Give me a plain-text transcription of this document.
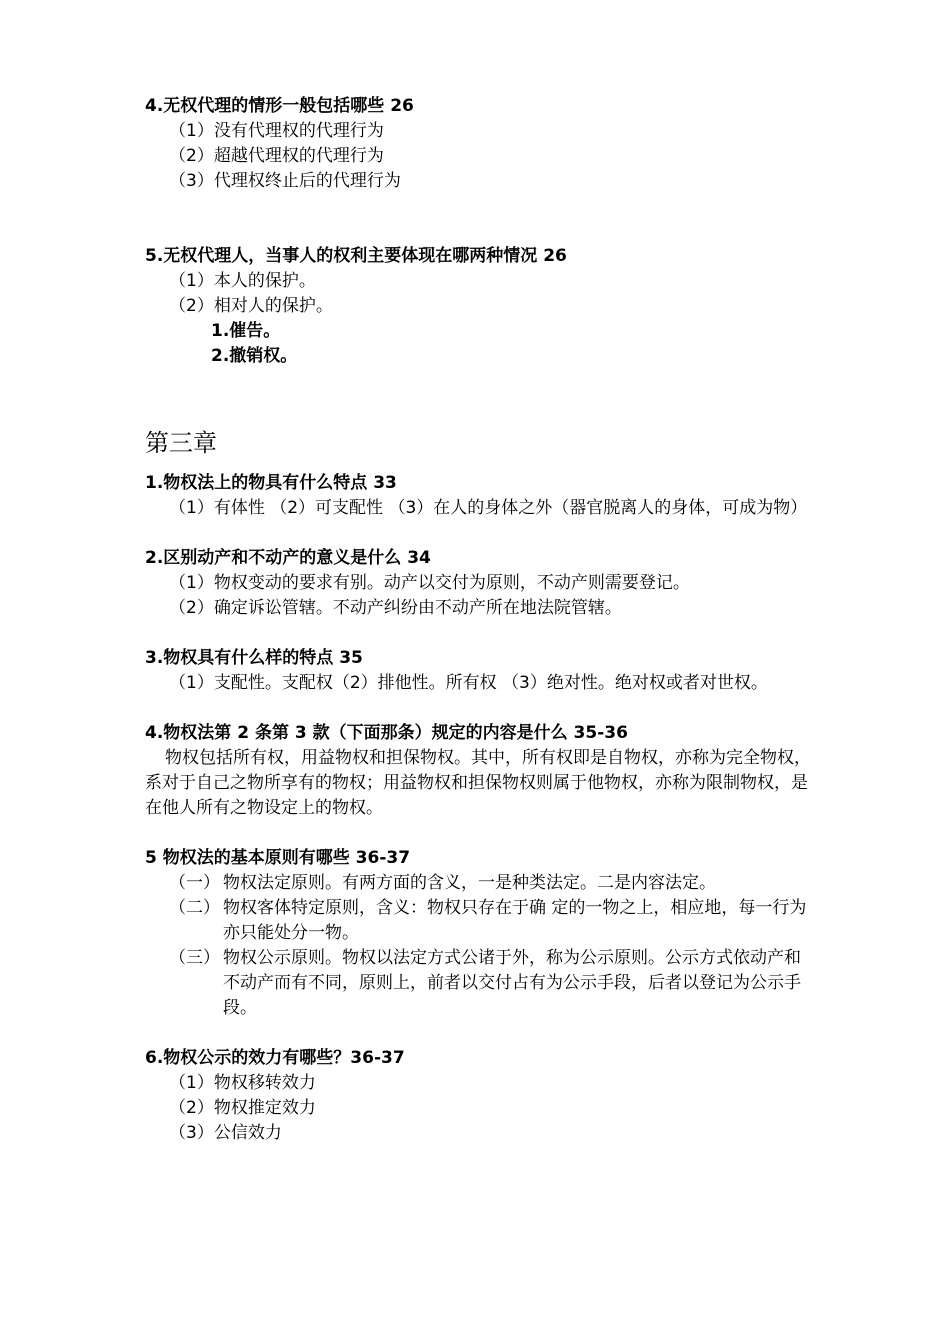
4.无权代理的情形一般包括哪些 26
（1）没有代理权的代理行为
（2）超越代理权的代理行为
（3）代理权终止后的代理行为
5.无权代理人，当事人的权利主要体现在哪两种情况 26
（1）本人的保护。
（2）相对人的保护。
1.催告。
2.撤销权。
第三章
1.物权法上的物具有什么特点 33
（1）有体性 （2）可支配性 （3）在人的身体之外（器官脱离人的身体，可成为物）
2.区别动产和不动产的意义是什么 34
（1）物权变动的要求有别。动产以交付为原则，不动产则需要登记。
（2）确定诉讼管辖。不动产纠纷由不动产所在地法院管辖。
3.物权具有什么样的特点 35
（1）支配性。支配权（2）排他性。所有权 （3）绝对性。绝对权或者对世权。
4.物权法第 2 条第 3 款（下面那条）规定的内容是什么 35-36
物权包括所有权，用益物权和担保物权。其中，所有权即是自物权，亦称为完全物权，系对于自己之物所享有的物权；用益物权和担保物权则属于他物权，亦称为限制物权，是在他人所有之物设定上的物权。
5 物权法的基本原则有哪些 36-37
（一） 物权法定原则。有两方面的含义，一是种类法定。二是内容法定。
（二） 物权客体特定原则，含义：物权只存在于确 定的一物之上，相应地，每一行为亦只能处分一物。
（三） 物权公示原则。物权以法定方式公诸于外，称为公示原则。公示方式依动产和不动产而有不同，原则上，前者以交付占有为公示手段，后者以登记为公示手段。
6.物权公示的效力有哪些？36-37
（1）物权移转效力
（2）物权推定效力
（3）公信效力
